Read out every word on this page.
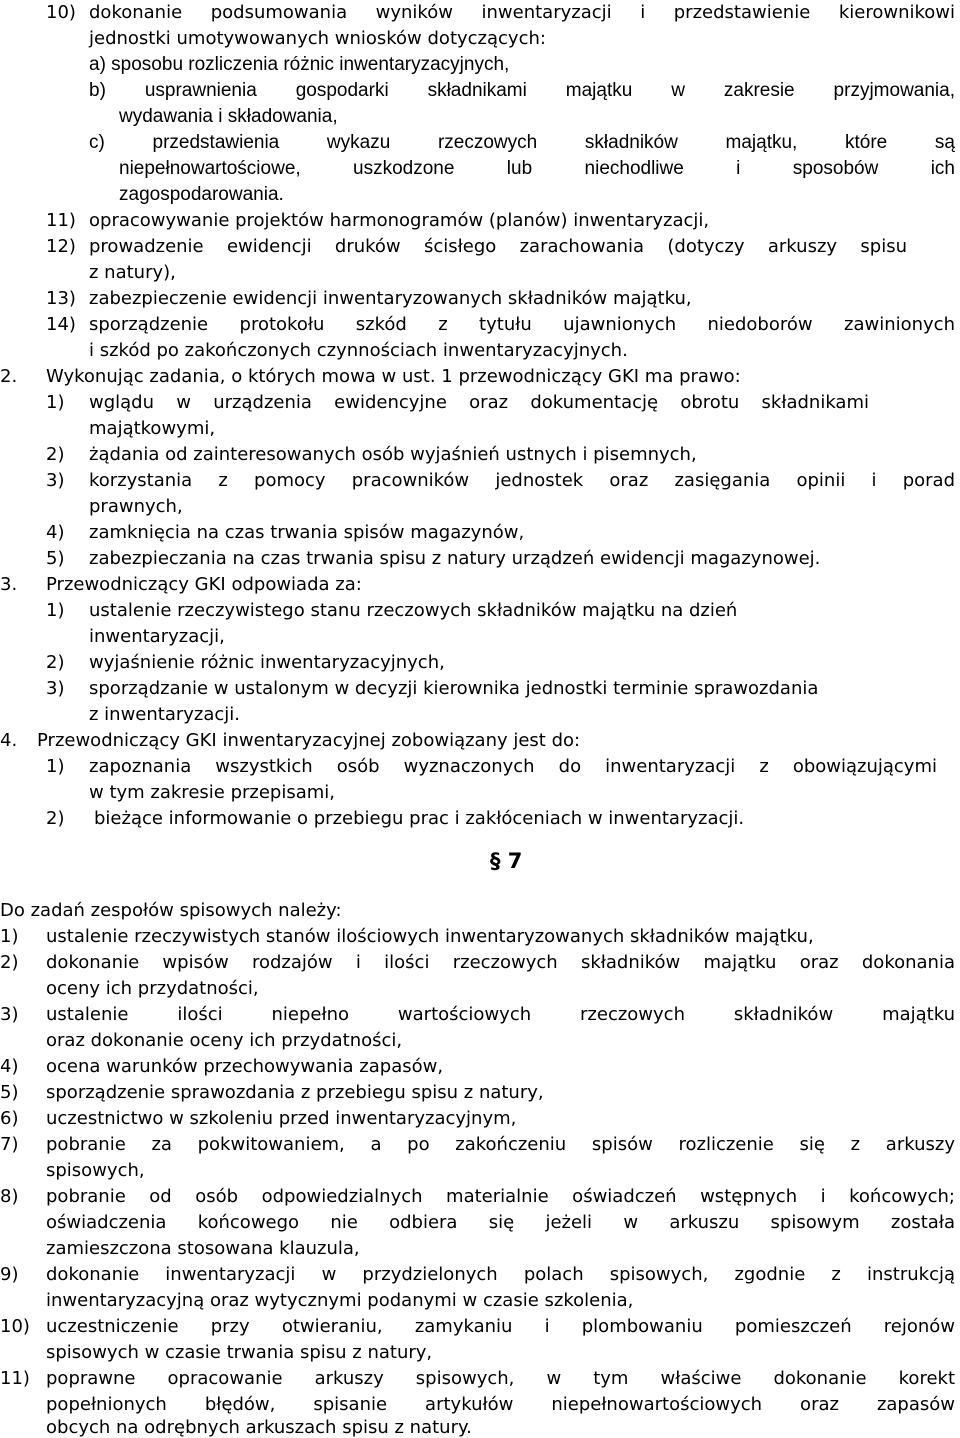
10) dokonanie podsumowania wyników inwentaryzacji i przedstawienie kierownikowi
jednostki umotywowanych wniosków dotyczących:
a) sposobu rozliczenia różnic inwentaryzacyjnych,
b) usprawnienia gospodarki składnikami majątku w zakresie przyjmowania,
wydawania i składowania,
c) przedstawienia wykazu rzeczowych składników majątku, które są
niepełnowartościowe, uszkodzone lub niechodliwe i sposobów ich
zagospodarowania.
11) opracowywanie projektów harmonogramów (planów) inwentaryzacji,
12) prowadzenie ewidencji druków ścisłego zarachowania (dotyczy arkuszy spisu
z natury),
13) zabezpieczenie ewidencji inwentaryzowanych składników majątku,
14) sporządzenie protokołu szkód z tytułu ujawnionych niedoborów zawinionych
i szkód po zakończonych czynnościach inwentaryzacyjnych.
2. Wykonując zadania, o których mowa w ust. 1 przewodniczący GKI ma prawo:
1) wglądu w urządzenia ewidencyjne oraz dokumentację obrotu składnikami
majątkowymi,
2) żądania od zainteresowanych osób wyjaśnień ustnych i pisemnych,
3) korzystania z pomocy pracowników jednostek oraz zasięgania opinii i porad
prawnych,
4) zamknięcia na czas trwania spisów magazynów,
5) zabezpieczania na czas trwania spisu z natury urządzeń ewidencji magazynowej.
3. Przewodniczący GKI odpowiada za:
1) ustalenie rzeczywistego stanu rzeczowych składników majątku na dzień
inwentaryzacji,
2) wyjaśnienie różnic inwentaryzacyjnych,
3) sporządzanie w ustalonym w decyzji kierownika jednostki terminie sprawozdania
z inwentaryzacji.
4. Przewodniczący GKI inwentaryzacyjnej zobowiązany jest do:
1) zapoznania wszystkich osób wyznaczonych do inwentaryzacji z obowiązującymi
w tym zakresie przepisami,
2) bieżące informowanie o przebiegu prac i zakłóceniach w inwentaryzacji.
§ 7
Do zadań zespołów spisowych należy:
1) ustalenie rzeczywistych stanów ilościowych inwentaryzowanych składników majątku,
2) dokonanie wpisów rodzajów i ilości rzeczowych składników majątku oraz dokonania
oceny ich przydatności,
3) ustalenie ilości niepełno wartościowych rzeczowych składników majątku
oraz dokonanie oceny ich przydatności,
4) ocena warunków przechowywania zapasów,
5) sporządzenie sprawozdania z przebiegu spisu z natury,
6) uczestnictwo w szkoleniu przed inwentaryzacyjnym,
7) pobranie za pokwitowaniem, a po zakończeniu spisów rozliczenie się z arkuszy
spisowych,
8) pobranie od osób odpowiedzialnych materialnie oświadczeń wstępnych i końcowych;
oświadczenia końcowego nie odbiera się jeżeli w arkuszu spisowym została
zamieszczona stosowana klauzula,
9) dokonanie inwentaryzacji w przydzielonych polach spisowych, zgodnie z instrukcją
inwentaryzacyjną oraz wytycznymi podanymi w czasie szkolenia,
10) uczestniczenie przy otwieraniu, zamykaniu i plombowaniu pomieszczeń rejonów
spisowych w czasie trwania spisu z natury,
11) poprawne opracowanie arkuszy spisowych, w tym właściwe dokonanie korekt
popełnionych błędów, spisanie artykułów niepełnowartościowych oraz zapasów
obcych na odrębnych arkuszach spisu z natury.
